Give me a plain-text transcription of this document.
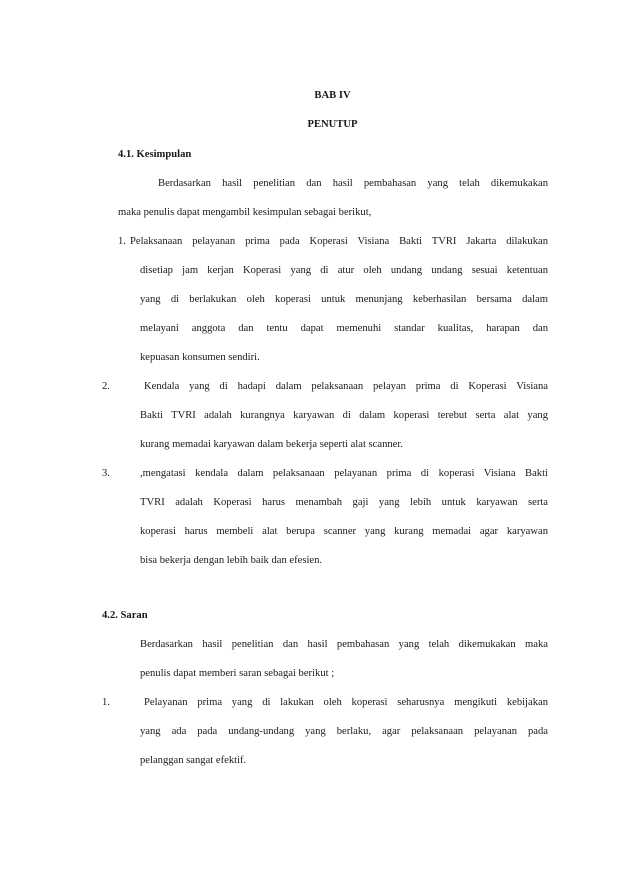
BAB IV
PENUTUP
4.1. Kesimpulan
Berdasarkan hasil penelitian dan hasil pembahasan yang telah dikemukakan
maka penulis dapat mengambil kesimpulan sebagai berikut,
1. Pelaksanaan pelayanan prima pada Koperasi Visiana Bakti TVRI Jakarta dilakukan
disetiap jam kerjan Koperasi yang di atur oleh undang undang sesuai ketentuan
yang di berlakukan oleh koperasi untuk menunjang keberhasilan bersama dalam
melayani anggota dan tentu dapat memenuhi standar kualitas, harapan dan
kepuasan konsumen sendiri.
2.	Kendala yang di hadapi dalam pelaksanaan pelayan prima di Koperasi Visiana
Bakti TVRI adalah kurangnya karyawan di dalam koperasi terebut serta alat yang
kurang memadai karyawan dalam bekerja seperti alat scanner.
3.	,mengatasi kendala dalam pelaksanaan pelayanan prima di koperasi Visiana Bakti
TVRI adalah Koperasi harus menambah gaji yang lebih untuk karyawan serta
koperasi harus membeli alat berupa scanner yang kurang memadai agar karyawan
bisa bekerja dengan lebih baik dan efesien.
4.2. Saran
Berdasarkan hasil penelitian dan hasil pembahasan yang telah dikemukakan maka
penulis dapat memberi saran sebagai berikut ;
1.	Pelayanan prima yang di lakukan oleh koperasi seharusnya mengikuti kebijakan
yang ada pada undang-undang yang berlaku, agar pelaksanaan pelayanan pada
pelanggan sangat efektif.
